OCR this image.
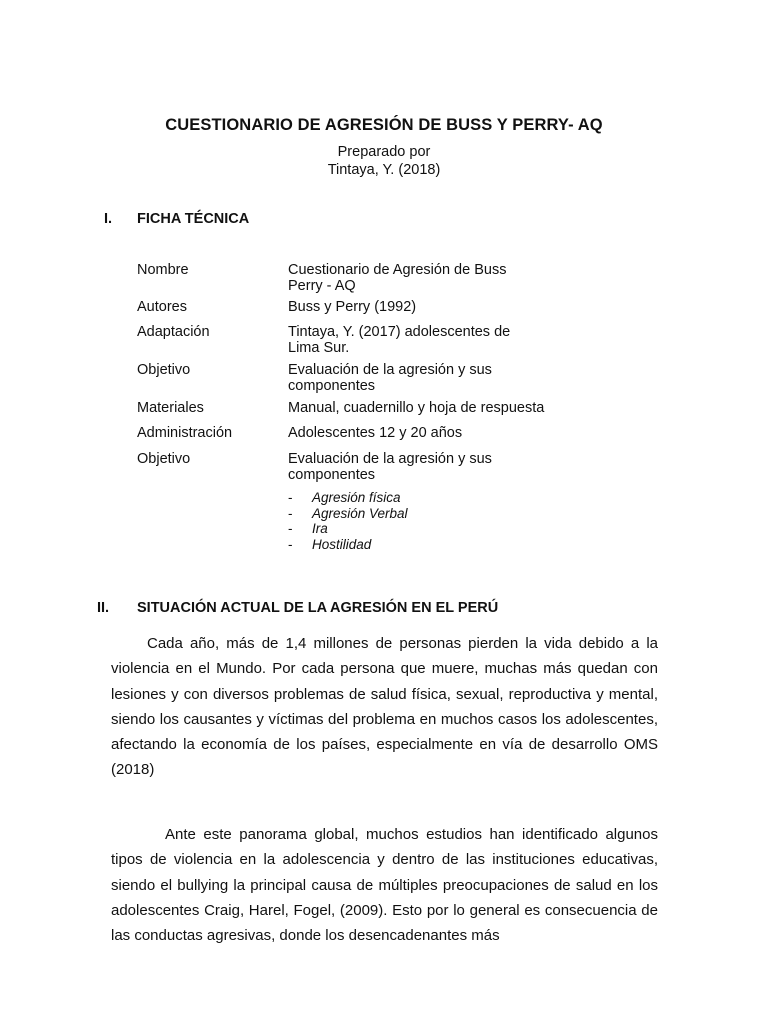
CUESTIONARIO DE AGRESIÓN DE BUSS Y PERRY- AQ
Preparado por
Tintaya, Y. (2018)
I. FICHA TÉCNICA
Nombre	Cuestionario de Agresión de Buss Perry - AQ
Autores	Buss y Perry (1992)
Adaptación	Tintaya, Y. (2017) adolescentes de Lima Sur.
Objetivo	Evaluación de la agresión y sus componentes
Materiales	Manual, cuadernillo y hoja de respuesta
Administración	Adolescentes 12 y 20 años
Objetivo	Evaluación de la agresión y sus componentes
- Agresión física
- Agresión Verbal
- Ira
- Hostilidad
II. SITUACIÓN ACTUAL DE LA AGRESIÓN EN EL PERÚ

Cada año, más de 1,4 millones de personas pierden la vida debido a la violencia en el Mundo. Por cada persona que muere, muchas más quedan con lesiones y con diversos problemas de salud física, sexual, reproductiva y mental, siendo los causantes y víctimas del problema en muchos casos los adolescentes, afectando la economía de los países, especialmente en vía de desarrollo OMS (2018)

Ante este panorama global, muchos estudios han identificado algunos tipos de violencia en la adolescencia y dentro de las instituciones educativas, siendo el bullying la principal causa de múltiples preocupaciones de salud en los adolescentes Craig, Harel, Fogel, (2009). Esto por lo general es consecuencia de las conductas agresivas, donde los desencadenantes más
